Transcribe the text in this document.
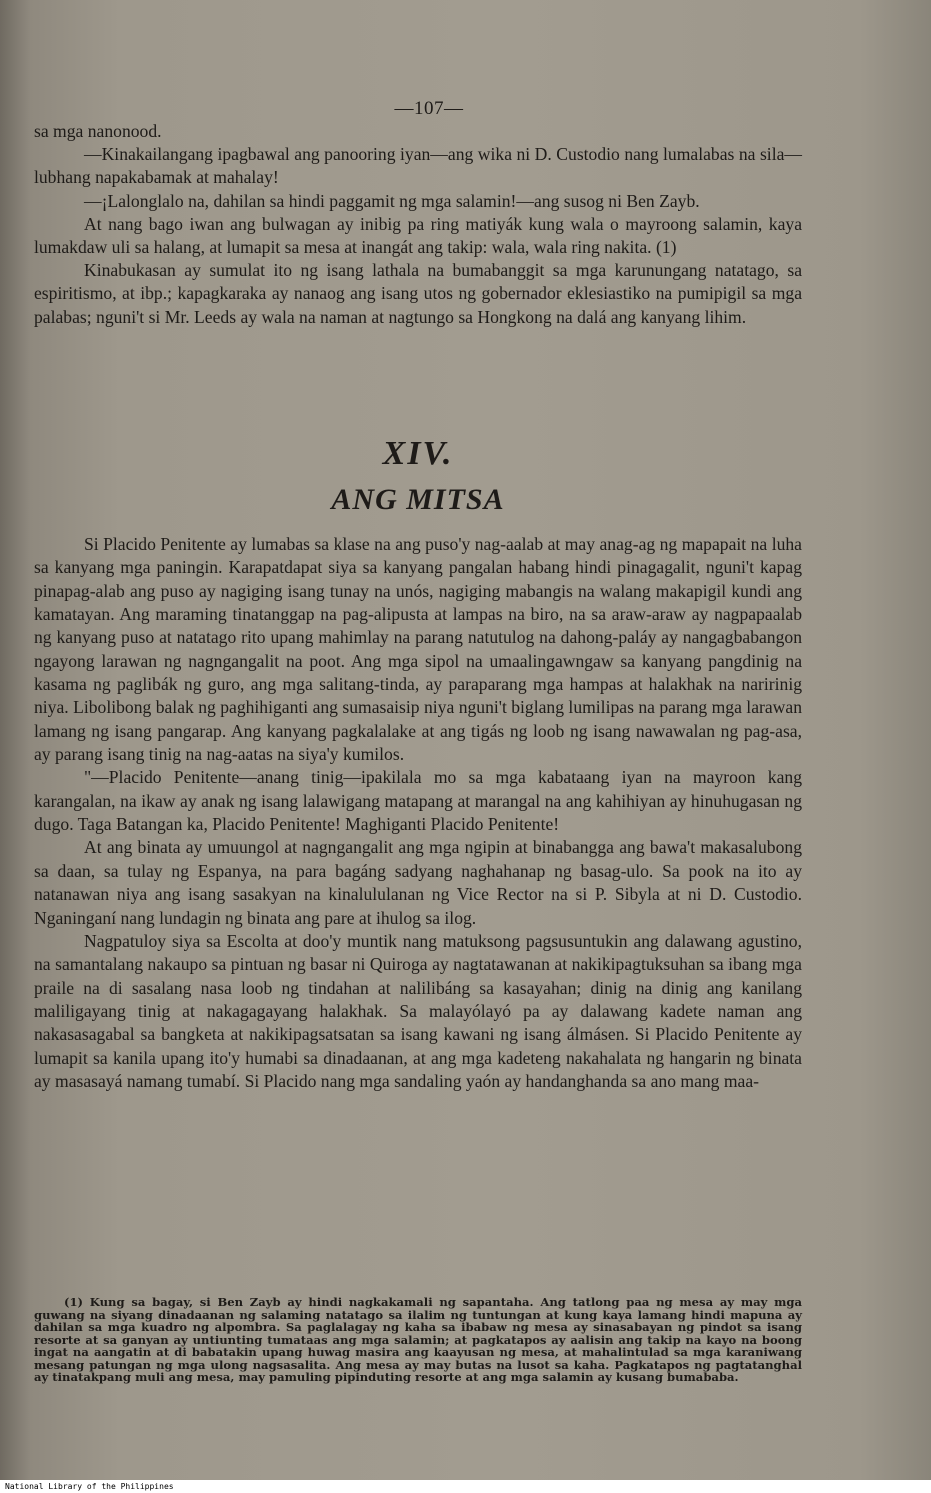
—107—

sa mga nanonood.

—Kinakailangang ipagbawal ang panooring iyan—ang wika ni D. Custodio nang lumalabas na sila—lubhang napakabamak at mahalay!

—¡Lalonglalo na, dahilan sa hindi paggamit ng mga salamin!—ang susog ni Ben Zayb.

At nang bago iwan ang bulwagan ay inibig pa ring matiyák kung wala o mayroong salamin, kaya lumakdaw uli sa halang, at lumapit sa mesa at inangát ang takip: wala, wala ring nakita. (1)

Kinabukasan ay sumulat ito ng isang lathala na bumabanggit sa mga karunungang natatago, sa espiritismo, at ibp.; kapagkaraka ay nanaog ang isang utos ng gobernador eklesiastiko na pumipigil sa mga palabas; nguni't si Mr. Leeds ay wala na naman at nagtungo sa Hongkong na dalá ang kanyang lihim.

XIV.

ANG MITSA

Si Placido Penitente ay lumabas sa klase na ang puso'y nag-aalab at may anag-ag ng mapapait na luha sa kanyang mga paningin. Karapatdapat siya sa kanyang pangalan habang hindi pinagagalit, nguni't kapag pinapag-alab ang puso ay nagiging isang tunay na unós, nagiging mabangis na walang makapigil kundi ang kamatayan. Ang maraming tinatanggap na pag-alipusta at lampas na biro, na sa araw-araw ay nagpapaalab ng kanyang puso at natatago rito upang mahimlay na parang natutulog na dahong-paláy ay nangagbabangon ngayong larawan ng nagngangalit na poot. Ang mga sipol na umaalingawngaw sa kanyang pangdinig na kasama ng paglibák ng guro, ang mga salitang-tinda, ay paraparang mga hampas at halakhak na naririnig niya. Libolibong balak ng paghihiganti ang sumasaisip niya nguni't biglang lumilipas na parang mga larawan lamang ng isang pangarap. Ang kanyang pagkalalake at ang tigás ng loob ng isang nawawalan ng pag-asa, ay parang isang tinig na nag-aatas na siya'y kumilos.

"—Placido Penitente—anang tinig—ipakilala mo sa mga kabataang iyan na mayroon kang karangalan, na ikaw ay anak ng isang lalawigang matapang at marangal na ang kahihiyan ay hinuhugasan ng dugo. Taga Batangan ka, Placido Penitente! Maghiganti Placido Penitente!

At ang binata ay umuungol at nagngangalit ang mga ngipin at binabangga ang bawa't makasalubong sa daan, sa tulay ng Espanya, na para bagáng sadyang naghahanap ng basag-ulo. Sa pook na ito ay natanawan niya ang isang sasakyan na kinalululanan ng Vice Rector na si P. Sibyla at ni D. Custodio. Nganinganí nang lundagin ng binata ang pare at ihulog sa ilog.

Nagpatuloy siya sa Escolta at doo'y muntik nang matuksong pagsusuntukin ang dalawang agustino, na samantalang nakaupo sa pintuan ng basar ni Quiroga ay nagtatawanan at nakikipagtuksuhan sa ibang mga praile na di sasalang nasa loob ng tindahan at nalilibáng sa kasayahan; dinig na dinig ang kanilang maliligayang tinig at nakagagayang halakhak. Sa malayólayó pa ay dalawang kadete naman ang nakasasagabal sa bangketa at nakikipagsatsatan sa isang kawani ng isang álmásen. Si Placido Penitente ay lumapit sa kanila upang ito'y humabi sa dinadaanan, at ang mga kadeteng nakahalata ng hangarin ng binata ay masasayá namang tumabí. Si Placido nang mga sandaling yaón ay handanghanda sa ano mang maa-

(1) Kung sa bagay, si Ben Zayb ay hindi nagkakamali ng sapantaha. Ang tatlong paa ng mesa ay may mga guwang na siyang dinadaanan ng salaming natatago sa ilalim ng tuntungan at kung kaya lamang hindi mapuna ay dahilan sa mga kuadro ng alpombra. Sa paglalagay ng kaha sa ibabaw ng mesa ay sinasabayan ng pindot sa isang resorte at sa ganyan ay untiunting tumataas ang mga salamin; at pagkatapos ay aalisin ang takip na kayo na boong ingat na aangatin at di babatakin upang huwag masira ang kaayusan ng mesa, at mahalintulad sa mga karaniwang mesang patungan ng mga ulong nagsasalita. Ang mesa ay may butas na lusot sa kaha. Pagkatapos ng pagtatanghal ay tinatakpang muli ang mesa, may pamuling pipinduting resorte at ang mga salamin ay kusang bumababa.

National Library of the Philippines
